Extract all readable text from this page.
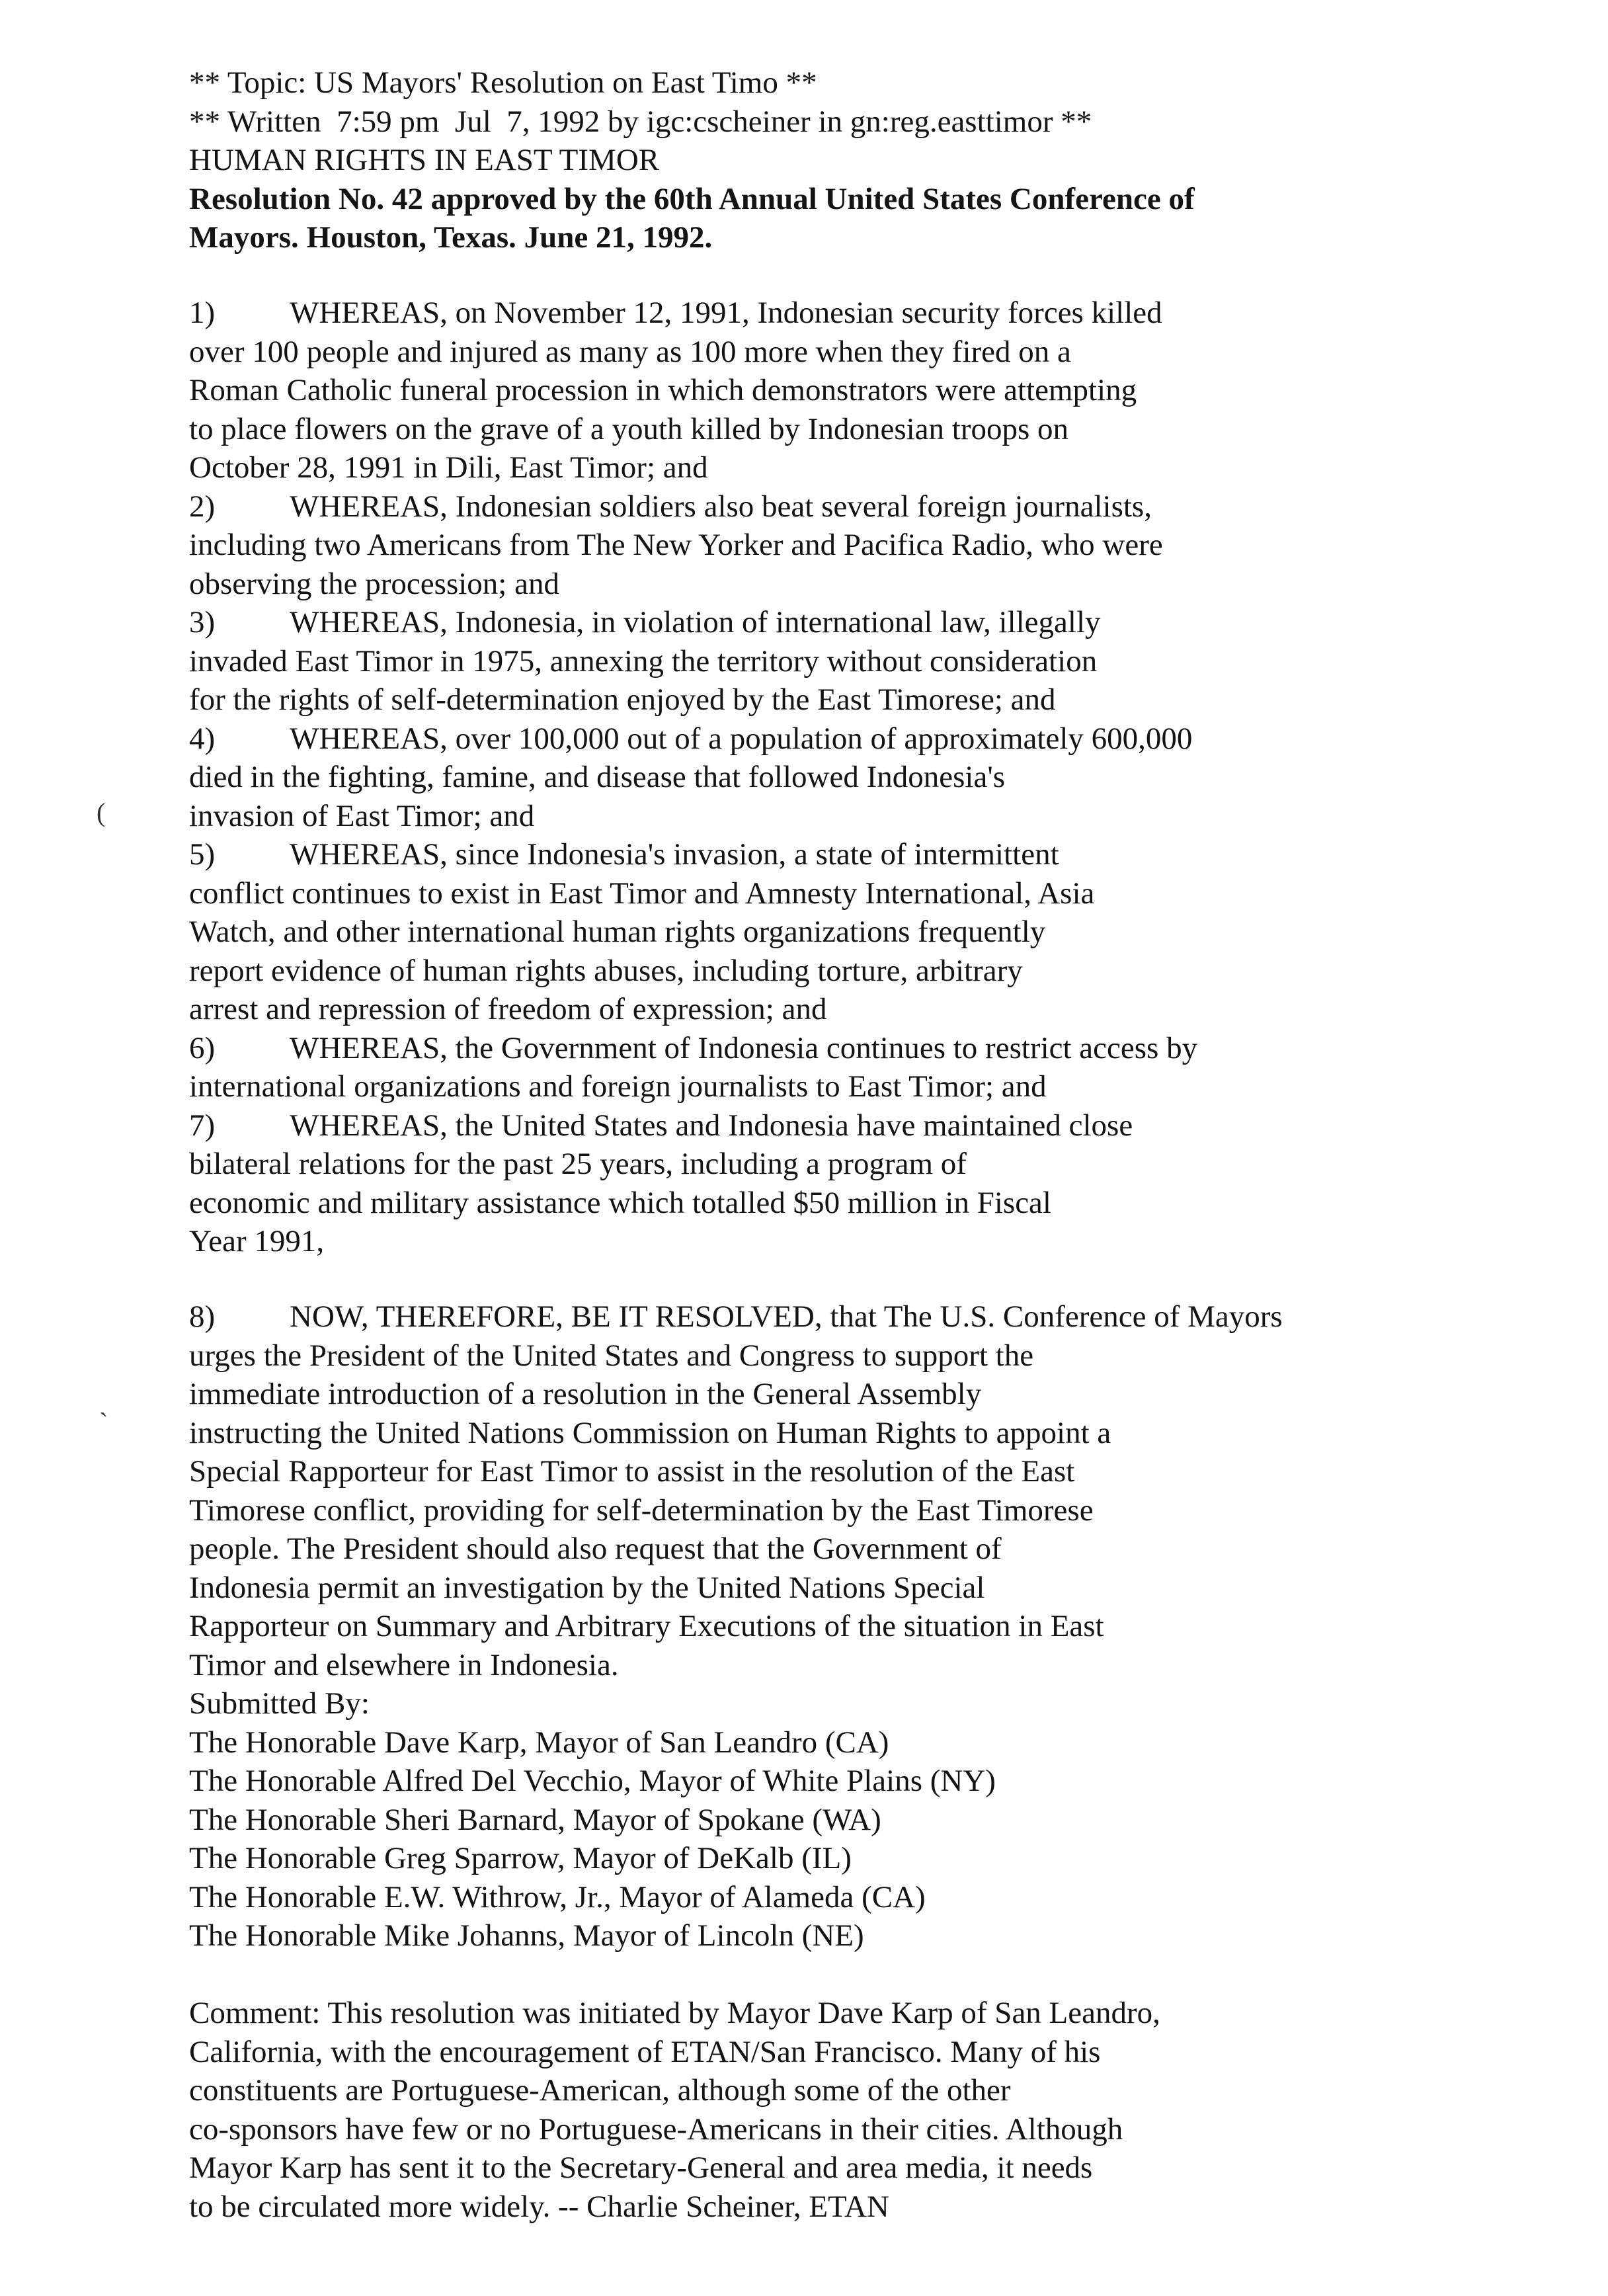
** Topic: US Mayors' Resolution on East Timo **
** Written  7:59 pm  Jul  7, 1992 by igc:cscheiner in gn:reg.easttimor **
HUMAN RIGHTS IN EAST TIMOR
Resolution No. 42 approved by the 60th Annual United States Conference of
Mayors. Houston, Texas. June 21, 1992.
1) WHEREAS, on November 12, 1991, Indonesian security forces killed
over 100 people and injured as many as 100 more when they fired on a
Roman Catholic funeral procession in which demonstrators were attempting
to place flowers on the grave of a youth killed by Indonesian troops on
October 28, 1991 in Dili, East Timor; and
2) WHEREAS, Indonesian soldiers also beat several foreign journalists,
including two Americans from The New Yorker and Pacifica Radio, who were
observing the procession; and
3) WHEREAS, Indonesia, in violation of international law, illegally
invaded East Timor in 1975, annexing the territory without consideration
for the rights of self-determination enjoyed by the East Timorese; and
4) WHEREAS, over 100,000 out of a population of approximately 600,000
died in the fighting, famine, and disease that followed Indonesia's
invasion of East Timor; and
5) WHEREAS, since Indonesia's invasion, a state of intermittent
conflict continues to exist in East Timor and Amnesty International, Asia
Watch, and other international human rights organizations frequently
report evidence of human rights abuses, including torture, arbitrary
arrest and repression of freedom of expression; and
6) WHEREAS, the Government of Indonesia continues to restrict access by
international organizations and foreign journalists to East Timor; and
7) WHEREAS, the United States and Indonesia have maintained close
bilateral relations for the past 25 years, including a program of
economic and military assistance which totalled $50 million in Fiscal
Year 1991,
8) NOW, THEREFORE, BE IT RESOLVED, that The U.S. Conference of Mayors
urges the President of the United States and Congress to support the
immediate introduction of a resolution in the General Assembly
instructing the United Nations Commission on Human Rights to appoint a
Special Rapporteur for East Timor to assist in the resolution of the East
Timorese conflict, providing for self-determination by the East Timorese
people. The President should also request that the Government of
Indonesia permit an investigation by the United Nations Special
Rapporteur on Summary and Arbitrary Executions of the situation in East
Timor and elsewhere in Indonesia.
Submitted By:
The Honorable Dave Karp, Mayor of San Leandro (CA)
The Honorable Alfred Del Vecchio, Mayor of White Plains (NY)
The Honorable Sheri Barnard, Mayor of Spokane (WA)
The Honorable Greg Sparrow, Mayor of DeKalb (IL)
The Honorable E.W. Withrow, Jr., Mayor of Alameda (CA)
The Honorable Mike Johanns, Mayor of Lincoln (NE)
Comment: This resolution was initiated by Mayor Dave Karp of San Leandro,
California, with the encouragement of ETAN/San Francisco. Many of his
constituents are Portuguese-American, although some of the other
co-sponsors have few or no Portuguese-Americans in their cities. Although
Mayor Karp has sent it to the Secretary-General and area media, it needs
to be circulated more widely. -- Charlie Scheiner, ETAN
(
`
